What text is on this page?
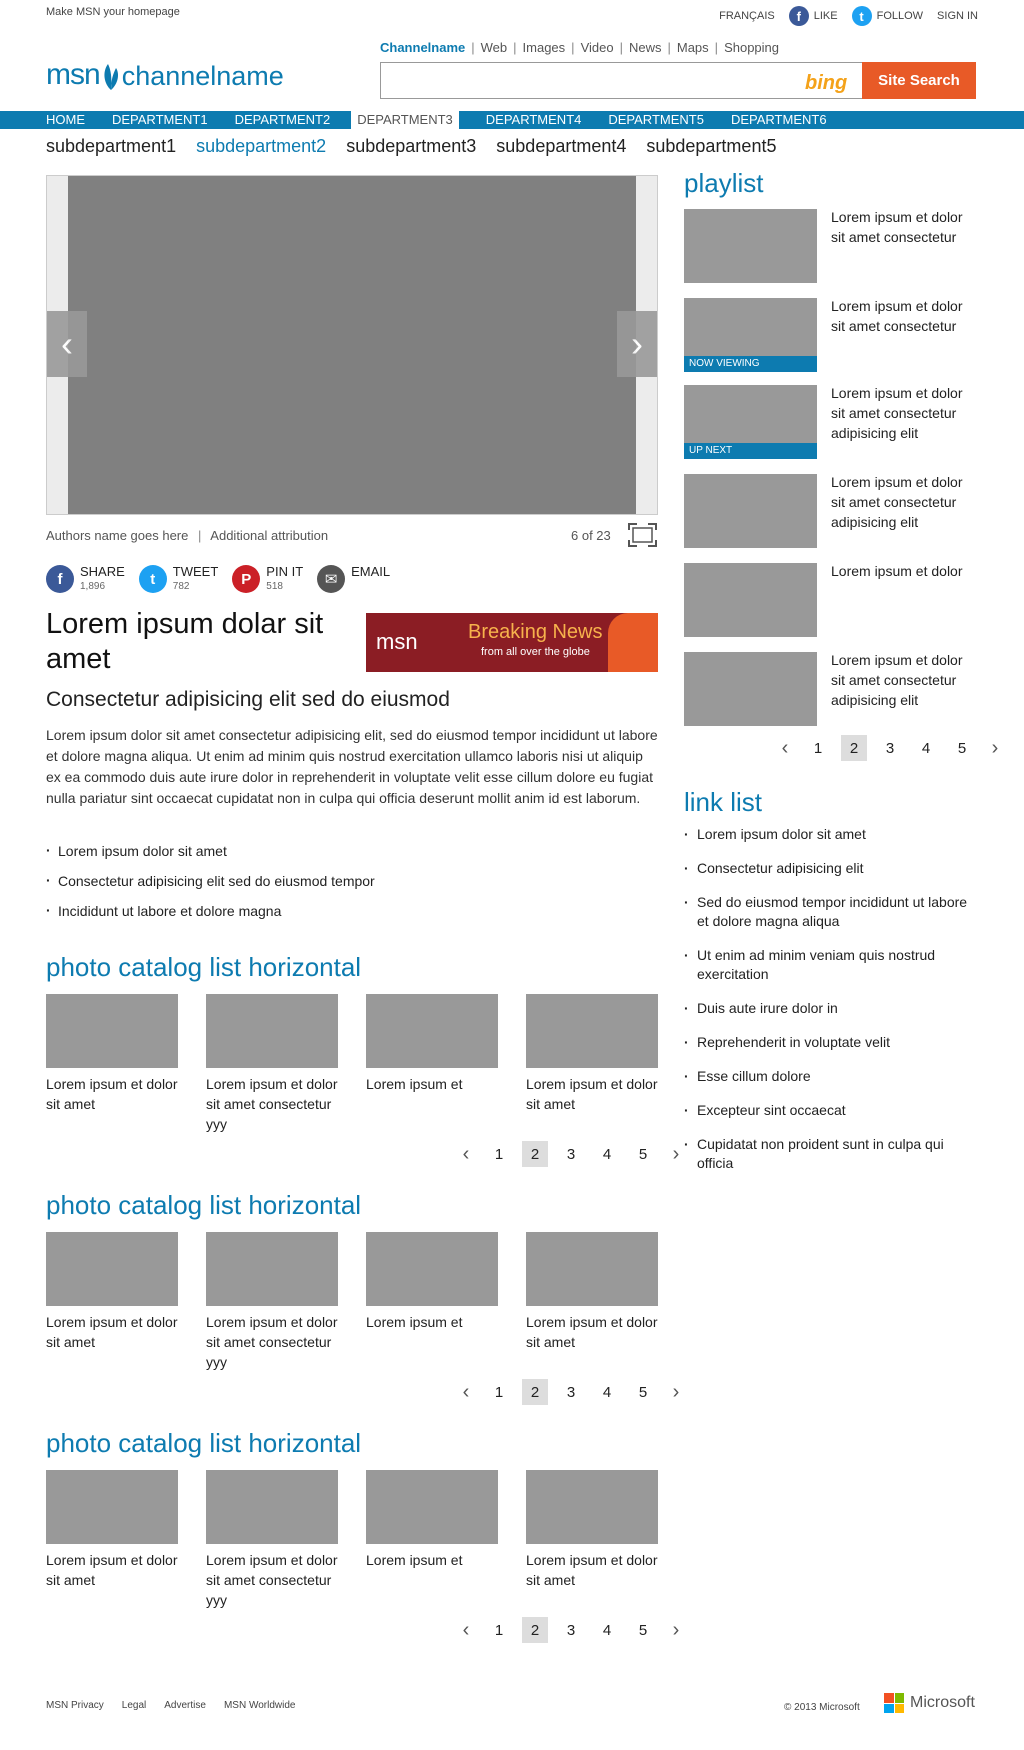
Make MSN your homepage	FRANÇAIS	f	LIKE	t	FOLLOW SIGN IN
msn channelname
Channelname | Web | Images | Video | News | Maps | Shopping
bing	Site Search
HOME DEPARTMENT1 DEPARTMENT2	DEPARTMENT3	DEPARTMENT4 DEPARTMENT5 DEPARTMENT6
subdepartment1 subdepartment2 subdepartment3 subdepartment4 subdepartment5
‹	›
Authors name goes here | Additional attribution	6 of 23
f	SHARE
1,896	t	TWEET
782	P	PIN IT
518	✉	EMAIL
Lorem ipsum dolar sit amet
msn	Breaking News
from all over the globe
Consectetur adipisicing elit sed do eiusmod
Lorem ipsum dolor sit amet consectetur adipisicing elit, sed do eiusmod tempor incididunt ut labore et dolore magna aliqua. Ut enim ad minim quis nostrud exercitation ullamco laboris nisi ut aliquip ex ea commodo duis aute irure dolor in reprehenderit in voluptate velit esse cillum dolore eu fugiat nulla pariatur sint occaecat cupidatat non in culpa qui officia deserunt mollit anim id est laborum.
· Lorem ipsum dolor sit amet
· Consectetur adipisicing elit sed do eiusmod tempor
· Incididunt ut labore et dolore magna
photo catalog list horizontal
Lorem ipsum et dolor sit amet
Lorem ipsum et dolor sit amet consectetur yyy
Lorem ipsum et	Lorem ipsum et dolor sit amet
‹	1	2	3	4	5	›
photo catalog list horizontal
Lorem ipsum et dolor sit amet
Lorem ipsum et dolor sit amet consectetur yyy
Lorem ipsum et	Lorem ipsum et dolor sit amet
‹	1	2	3	4	5	›
photo catalog list horizontal
Lorem ipsum et dolor sit amet
Lorem ipsum et dolor sit amet consectetur yyy
Lorem ipsum et	Lorem ipsum et dolor sit amet
‹	1	2	3	4	5	›
playlist
Lorem ipsum et dolor sit amet consectetur
NOW VIEWING
Lorem ipsum et dolor sit amet consectetur
UP NEXT
Lorem ipsum et dolor sit amet consectetur adipisicing elit
Lorem ipsum et dolor sit amet consectetur adipisicing elit
Lorem ipsum et dolor
Lorem ipsum et dolor sit amet consectetur adipisicing elit
‹	1	2	3	4	5	›
link list
· Lorem ipsum dolor sit amet
· Consectetur adipisicing elit
· Sed do eiusmod tempor incididunt ut labore et dolore magna aliqua
· Ut enim ad minim veniam quis nostrud exercitation
· Duis aute irure dolor in
· Reprehenderit in voluptate velit
· Esse cillum dolore
· Excepteur sint occaecat
· Cupidatat non proident sunt in culpa qui officia
MSN Privacy Legal Advertise MSN Worldwide	© 2013 Microsoft	Microsoft
